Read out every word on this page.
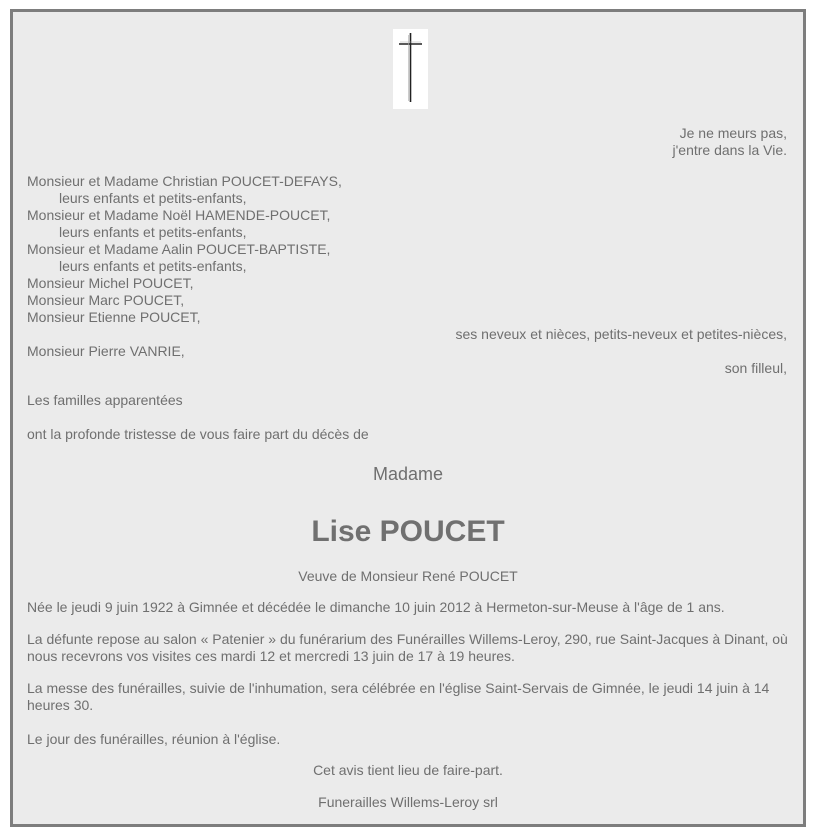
Je ne meurs pas,

j'entre dans la Vie.

Monsieur et Madame Christian POUCET-DEFAYS,

leurs enfants et petits-enfants,

Monsieur et Madame Noël HAMENDE-POUCET,

leurs enfants et petits-enfants,

Monsieur et Madame Aalin POUCET-BAPTISTE,

leurs enfants et petits-enfants,

Monsieur Michel POUCET,

Monsieur Marc POUCET,

Monsieur Etienne POUCET,

ses neveux et nièces, petits-neveux et petites-nièces,

Monsieur Pierre VANRIE,

son filleul,

Les familles apparentées

ont la profonde tristesse de vous faire part du décès de

Madame

Lise POUCET

Veuve de Monsieur René POUCET

Née le jeudi 9 juin 1922 à Gimnée et décédée le dimanche 10 juin 2012 à Hermeton-sur-Meuse à l'âge de 1 ans.

La défunte repose au salon « Patenier » du funérarium des Funérailles Willems-Leroy, 290, rue Saint-Jacques à Dinant, où nous recevrons vos visites ces mardi 12 et mercredi 13 juin de 17 à 19 heures.

La messe des funérailles, suivie de l'inhumation, sera célébrée en l'église Saint-Servais de Gimnée, le jeudi 14 juin à 14 heures 30.

Le jour des funérailles, réunion à l'église.

Cet avis tient lieu de faire-part.

Funerailles Willems-Leroy srl
